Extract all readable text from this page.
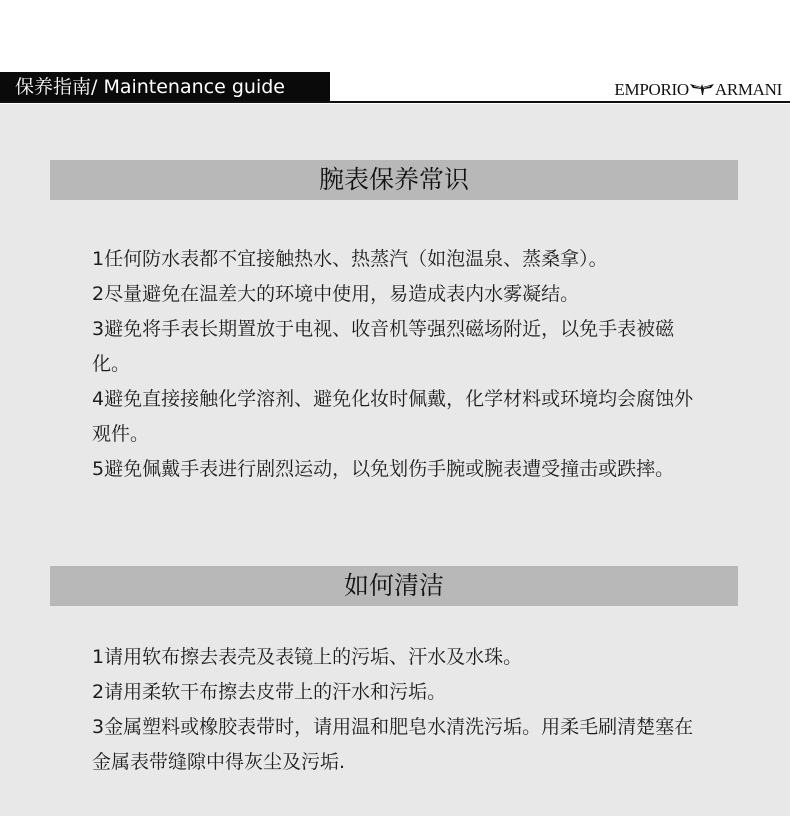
保养指南/ Maintenance guide	EMPORIO ARMANI
腕表保养常识

1任何防水表都不宜接触热水、热蒸汽（如泡温泉、蒸桑拿）。

2尽量避免在温差大的环境中使用，易造成表内水雾凝结。

3避免将手表长期置放于电视、收音机等强烈磁场附近，以免手表被磁化。

4避免直接接触化学溶剂、避免化妆时佩戴，化学材料或环境均会腐蚀外观件。

5避免佩戴手表进行剧烈运动，以免划伤手腕或腕表遭受撞击或跌摔。

如何清洁

1请用软布擦去表壳及表镜上的污垢、汗水及水珠。

2请用柔软干布擦去皮带上的汗水和污垢。

3金属塑料或橡胶表带时，请用温和肥皂水清洗污垢。用柔毛刷清楚塞在金属表带缝隙中得灰尘及污垢.
